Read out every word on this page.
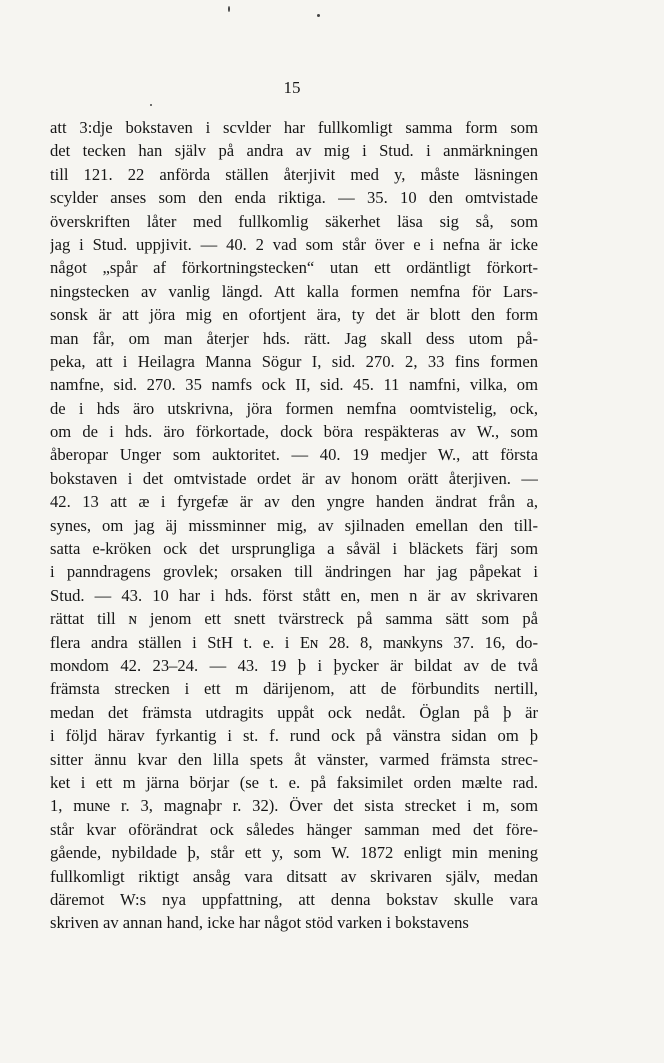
15
att 3:dje bokstaven i scvlder har fullkomligt samma form som
det tecken han själv på andra av mig i Stud. i anmärkningen
till 121. 22 anförda ställen återjivit med y, måste läsningen
scylder anses som den enda riktiga. — 35. 10 den omtvistade
överskriften låter med fullkomlig säkerhet läsa sig så, som
jag i Stud. uppjivit. — 40. 2 vad som står över e i nefna är icke
något „spår af förkortningstecken“ utan ett ordäntligt förkort-
ningstecken av vanlig längd. Att kalla formen nemfna för Lars-
sonsk är att jöra mig en ofortjent ära, ty det är blott den form
man får, om man återjer hds. rätt. Jag skall dess utom på-
peka, att i Heilagra Manna Sögur I, sid. 270. 2, 33 fins formen
namfne, sid. 270. 35 namfs ock II, sid. 45. 11 namfni, vilka, om
de i hds äro utskrivna, jöra formen nemfna oomtvistelig, ock,
om de i hds. äro förkortade, dock böra respäkteras av W., som
åberopar Unger som auktoritet. — 40. 19 medjer W., att första
bokstaven i det omtvistade ordet är av honom orätt återjiven. —
42. 13 att æ i fyrgefæ är av den yngre handen ändrat från a,
synes, om jag äj missminner mig, av sjilnaden emellan den till-
satta e-kröken ock det ursprungliga a såväl i bläckets färj som
i panndragens grovlek; orsaken till ändringen har jag påpekat i
Stud. — 43. 10 har i hds. först stått en, men n är av skrivaren
rättat till ɴ jenom ett snett tvärstreck på samma sätt som på
flera andra ställen i StH t. e. i Eɴ 28. 8, maɴkyns 37. 16, do-
moɴdom 42. 23–24. — 43. 19 þ i þycker är bildat av de två
främsta strecken i ett m därijenom, att de förbundits nertill,
medan det främsta utdragits uppåt ock nedåt. Öglan på þ är
i följd härav fyrkantig i st. f. rund ock på vänstra sidan om þ
sitter ännu kvar den lilla spets åt vänster, varmed främsta strec-
ket i ett m järna börjar (se t. e. på faksimilet orden mælte rad.
1, muɴe r. 3, magnaþr r. 32). Över det sista strecket i m, som
står kvar oförändrat ock således hänger samman med det före-
gående, nybildade þ, står ett y, som W. 1872 enligt min mening
fullkomligt riktigt ansåg vara ditsatt av skrivaren själv, medan
däremot W:s nya uppfattning, att denna bokstav skulle vara
skriven av annan hand, icke har något stöd varken i bokstavens
